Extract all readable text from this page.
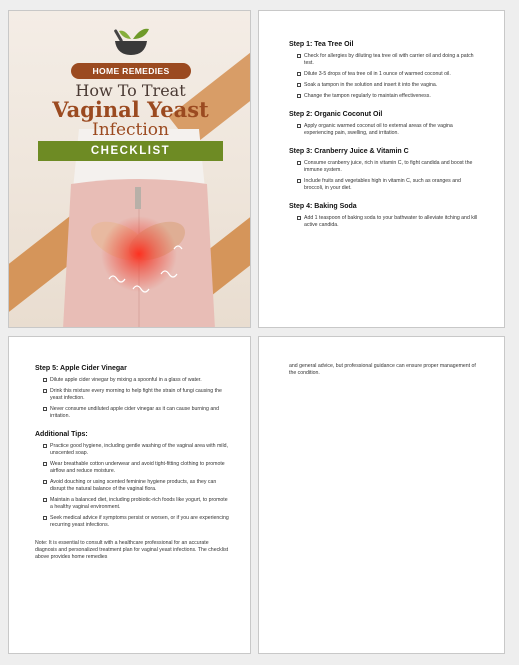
HOME REMEDIES
How To Treat
Vaginal Yeast
Infection
CHECKLIST
Step 1: Tea Tree Oil
Check for allergies by diluting tea tree oil with carrier oil and doing a patch test.
Dilute 3-5 drops of tea tree oil in 1 ounce of warmed coconut oil.
Soak a tampon in the solution and insert it into the vagina.
Change the tampon regularly to maintain effectiveness.
Step 2: Organic Coconut Oil
Apply organic warmed coconut oil to external areas of the vagina experiencing pain, swelling, and irritation.
Step 3: Cranberry Juice & Vitamin C
Consume cranberry juice, rich in vitamin C, to fight candida and boost the immune system.
Include fruits and vegetables high in vitamin C, such as oranges and broccoli, in your diet.
Step 4: Baking Soda
Add 1 teaspoon of baking soda to your bathwater to alleviate itching and kill active candida.
Step 5: Apple Cider Vinegar
Dilute apple cider vinegar by mixing a spoonful in a glass of water.
Drink this mixture every morning to help fight the strain of fungi causing the yeast infection.
Never consume undiluted apple cider vinegar as it can cause burning and irritation.
Additional Tips:
Practice good hygiene, including gentle washing of the vaginal area with mild, unscented soap.
Wear breathable cotton underwear and avoid tight-fitting clothing to promote airflow and reduce moisture.
Avoid douching or using scented feminine hygiene products, as they can disrupt the natural balance of the vaginal flora.
Maintain a balanced diet, including probiotic-rich foods like yogurt, to promote a healthy vaginal environment.
Seek medical advice if symptoms persist or worsen, or if you are experiencing recurring yeast infections.
Note: It is essential to consult with a healthcare professional for an accurate diagnosis and personalized treatment plan for vaginal yeast infections. The checklist above provides home remedies
and general advice, but professional guidance can ensure proper management of the condition.
